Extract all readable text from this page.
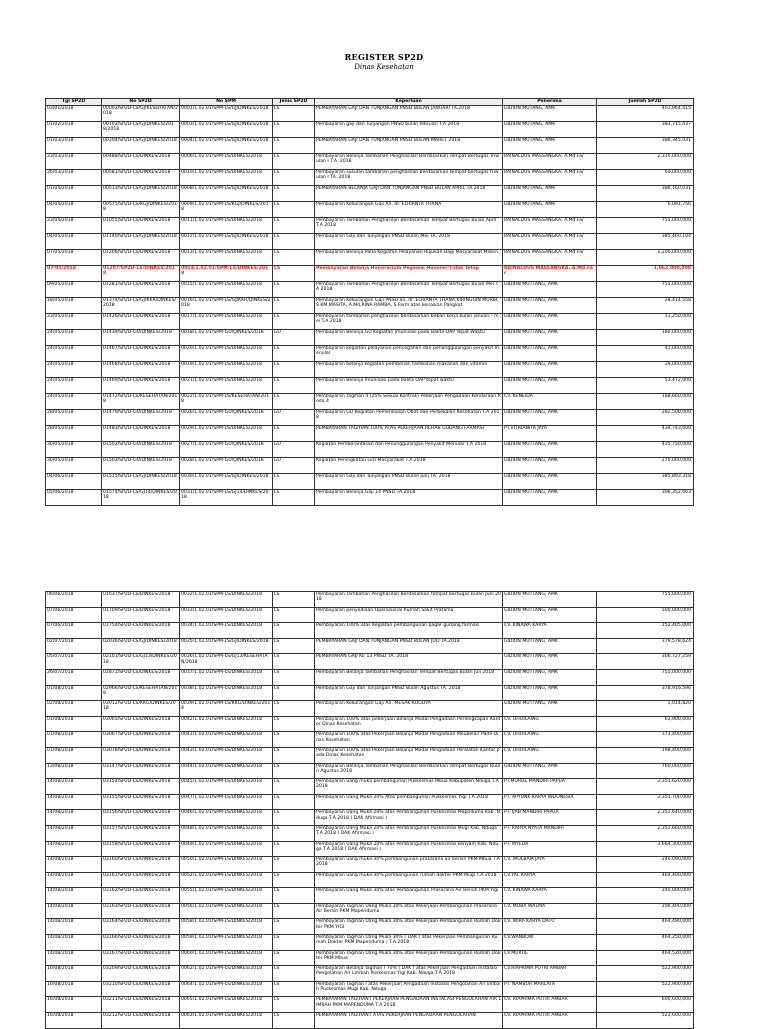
REGISTER SP2D
Dinas Kesehatan
Tgl SP2D	No SP2D	No SPM	Jenis SP2D	Keperluan	Penerima	Jumlah SP2D
03/01/2018	00002/SP2D-LS/GJ/KESEHATAN/2018	0001/1.02.01/SPM-LS/GJ/DINKES/2018	LS	PEMBAYARAN GAJI DAN TUNJANGAN PNSD BULAN JANUARI TA.2018	GIDION MUTANG, AMK	401,964,415
01/02/2018	00103/SP2D-LS/GJ/DINKES/2018/2018	0003/1.02.01/SPM-LS/GJ/DINKES/2018	LS	Pembayaran gaji dan Tunjangan PNSD bulan februari T.A 2018	GIDION MUTANG, AMK	383,715,437
01/03/2018	00204/SP2D-LS/GJ/DINKES/2018	0004/1.02.01/SPM-LS/GJ/DINKES/2018	LS	PEMBAYARAN GAJI DAN TUNJANGAN PNSD BULAN MARET 2018	GIDION MUTANG, AMK	386,345,031
23/03/2018	00488/SP2D-LS/DINKES/2018	0006/1.02.01/SPM-LS/DINKES/2018	LS	Pembayaran Belanja Tambahan Penghasilan Berdasarkan Tempat Bertugas Triwulan I T.A. 2018	RAINALDUS MASSANGKA, A.Md.Far	2,310,000,000
26/03/2018	00581/SP2D-LS/DINKES/2018	0010/1.02.01/SPM-LS/DINKES/2018	LS	Pembayaran susulan tambahan penghasilan berdasarkan tempat bertugas triwulan I TA. 2018	RAINALDUS MASSANGKA, A.Md.Far	60,000,000
01/04/2018	00513/SP2D-LS/GJ/DINKES/2018	0008/1.02.01/SPM-LS/GJ/DINKES/2018	LS	PEMBAYARAN BELANJA GAJI DAN TUNJANGAN PNSD BULAN APRIL TA.2018	GIDION MUTANG, AMK	386,160,031
04/04/2018	00575/SP2D-LS/KGJ/DINKES/2018	0009/1.02.01/SPM-LS/KGJ/DINKES/2018	LS	Pembayaran Kekurangan Gaji An. dr. ELRIANTA THANA	GIDION MUTANG, AMK	6,091,756
23/04/2018	01055/SP2D-LS/DINKES/2018	0011/1.02.01/SPM-LS/DINKES/2018	LS	Pembayaran Tambahan Penghasilan Berdasarkan Tempat Bertugas Bulan April T.A 2018	RAINALDUS MASSANGKA, A.Md.Far	755,000,000
04/05/2018	01140/SP2D-LS/GJ/DINKES/2018	0012/1.02.01/SPM-LS/GJ/DINKES/2018	LS	Pembayaran Gaji dan Tunjangan PNSD Bulan Mei TA. 2018	RAINALDUS MASSANGKA, A.Md.Far	385,460,104
07/05/2018	01206/SP2D-LS/DINKES/2018	0013/1.02.01/SPM-LS/DINKES/2018	LS	Pembayaran Belanja Pada Kegiatan Pelayanan Rujukan Bagi Masyarakat Miskin	RAINALDUS MASSANGKA, A.Md.Far	1,200,000,000
07/05/2018	01207/SP2D-LS/DINKES/2018	0014/1.02.01/SPM-LS/DINKES/2018	LS	Pembayaran Belanja Honorarium Pegawai Honorer/Tidak Tetap	RAINALDUS MASSANGKA, A.Md.Far	1,062,000,000
09/05/2018	01281/SP2D-LS/DINKES/2018	0015/1.02.01/SPM-LS/DINKES/2018	LS	Pembayaran Tambahan Penghasilan Berdasarkan Tempat Bertugas Bulan Mei T.A 2018	GIDION MUTTANG, AMK	755,000,000
18/05/2018	01374/SP2D-LS/GJ/KKR/DINKES/2018	0016/1.02.01/SPM-LS/GJ/KKR/DINKES/2018	LS	Pembayaran Kekurangan Gaji PNSD an. dr. ELRIANTA THANA,KIRINGGIN MURIB, S.KM,MASITA, A.Md,RINA RAMBA, S.Farm atas kenaikan Pangkat	GIDION MUTTANG, AMK	28,414,558
23/05/2018	01426/SP2D-LS/DINKES/2018	0017/1.02.01/SPM-LS/DINKES/2018	LS	Pembayaran tambahan penghasilan berdasarkan beban kerja bulan januari - mei T.A 2018	GIDION MUTTANG, AMK	11,250,000
24/05/2018	01439/SP2D-GU/DINKES/2018	0018/1.02.01/SPM-GU/DINKES/2018	GU	Pembayaran Belanja GU Kegiatan Imunisasi pada Balita OAP Tepat Waktu	GIDION MUTTANG, AMK	180,000,000
24/05/2018	01467/SP2D-LS/DINKES/2018	0020/1.02.01/SPM-LS/DINKES/2018	LS	Pembayaran kegiatan pelayanan pencegahan dan penanggulangan penyakit menular	GIDION MUTTANG, AMK	41,000,000
24/05/2018	01468/SP2D-LS/DINKES/2018	0019/1.02.01/SPM-LS/DINKES/2018	LS	Pembayaran belanja kegiatan pemberian tambahan makanan dan vitamin	GIDION MUTTANG, AMK	29,000,000
24/05/2018	01469/SP2D-LS/DINKES/2018	0021/1.02.01/SPM-LS/DINKES/2018	LS	Pembayaran Belanja Imunisasi pada balita OAP tepat waktu	GIDION MUTTANG, AMK	53,472,000
24/05/2018	01472/SP2D-LS/KESEHATAN/2018	0022/1.02.01/SPM-LS/KESEHATAN/2018	LS	Pembayaran Tagihan II (25% Sesuai Kontrak) Pekerjaan Pengadaan Kendaraan Roda 4	CV. KENEIDA	188,660,000
28/05/2018	01479/SP2D-GU/DINKES/2018	0026/1.02.01/SPM-GU/DINKES/2018	GU	Pembayaran GU Kegiatan Pemeriksaan Obat dan Perbekalan Kesehatan T.A 2018	GIDION MUTTANG, AMK	282,500,000
28/05/2018	01483/SP2D-LS/DINKES/2018	0029/1.02.01/SPM-LS/DINKES/2018	LS	PEMBAYARAN TAGIHAN 100% ATAS PEKERJAAN REHAB GUDANG FARMASI	PT.VITRIANITA JAYA	434,743,600
30/05/2018	01502/SP2D-GU/DINKES/2018	0027/1.02.01/SPM-GU/DINKES/2018	GU	Kegiatan Pemberantasan dan Penanggulangan Penyakit Menular T.A 2018	GIDION MUTTANG, AMK	435,750,000
30/05/2018	01503/SP2D-GU/DINKES/2018	0028/1.02.01/SPM-GU/DINKES/2018	GU	Kegiatan Peningkatan Gizi Masyarakat T.A 2018	GIDION MUTTANG, AMK	270,000,000
04/06/2018	01515/SP2D-LS/GJ/DINKES/2018	0030/1.02.01/SPM-LS/GJ/DINKES/2018	LS	Pembayaran Gaji dan Tunjangan PNSD Bulan Juni TA. 2018	GIDION MUTTANG, AMK	385,893,318
05/06/2018	01574/SP2D-LS/GJ14/DINKES/2018	0031/1.02.01/SPM-LS/GJ14/DINKES/2018	LS	Pembayaran Belanja Gaji 14 PNSD TA.2018	GIDION MUTTANG, AMK	306,352,663
06/06/2018	01637/SP2D-LS/DINKES/2018	0032/1.02.01/SPM-LS/DINKES/2018	LS	Pembayaran Tambahan Penghasilan Berdasarkan tempat bertugas bulan Juni 2018	GIDION MUTTANG, AMK	755,000,000
07/06/2018	01709/SP2D-LS/DINKES/2018	0033/1.02.01/SPM-LS/DINKES/2018	LS	Pembayaran penyediaan Operasional Rumah Sakit Pratama	GIDION MUTTANG, AMK	500,000,000
07/06/2018	01754/SP2D-LS/DINKES/2018	0034/1.02.01/SPM-LS/DINKES/2018	LS	Pembayaran 100% atas Kegiatan pembangunan pagar gudang farmasi	CV. KINAWA KARYA	152,405,000
02/07/2018	02036/SP2D-LS/GJ/DINKES/2018	0035/1.02.01/SPM-LS/GJ/DINKES/2018	LS	PEMBAYARAN GAJI DAN TUNJANGAN PNSD BULAN JULI TA.2018	GIDION MUTTANG, AMK	379,578,624
05/07/2018	02101/SP2D-LS/GJ13/DINKES/2018	0036/1.02.01/SPM-LS/GJ13/KESEHATAN/2018	LS	PEMBAYARAN GAJI KE 13 PNSD TA. 2018	GIDION MUTTANG, AMK	306,727,259
26/07/2018	02871/SP2D-LS/DINKES/2018	0037/1.02.01/SPM-LS/DINKES/2018	LS	Pembayaran Belanja Tambahan Penghasilan Tempat Bertugas Bulan Juli 2018	GIDION MUTTANG, AMK	755,000,000
01/08/2018	02966/SP2D-LS/KESEHATAN/2018	0038/1.02.01/SPM-LS/DINKES/2018	LS	Pembayaran Gaji dan Tunjangan PNSD Bulan Agustus TA. 2018	GIDION MUTTANG, AMK	378,916,596
02/08/2018	03012/SP2D-LS/KKG/DINKES/2018	0039/1.02.01/SPM-LS/KKG/DINKES/2018	LS	Pembayaran Kekurangan Gaji An. MESAK KOGOYA	GIDION MUTTANG, AMK	1,014,820
01/08/2018	03065/SP2D-LS/DINKES/2018	0042/1.02.01/SPM-LS/DINKES/2018	LS	Pembayaran 100% atas pekerjaan Belanja Modal Pengadaan Perlengkapan Kantor Dinas Kesehatan	CV. OHOILAING	63,900,000
01/08/2018	03067/SP2D-LS/DINKES/2018	0041/1.02.01/SPM-LS/DINKES/2018	LS	Pembayaran 100% atas Pekerjaan Belanja Modal Pengadaan Meubelair Pada Dinas Kesehatan	CV. OHOILAING	373,400,000
01/08/2018	03078/SP2D-LS/DINKES/2018	0043/1.02.01/SPM-LS/DINKES/2018	LS	Pembayaran 100% atas Pekerjaan Belanja Modal Pengadaan Peralatan Kantor pada Dinas Kesehatan	CV. OHOILAING	198,400,000
13/08/2018	03147/SP2D-LS/DINKES/2018	0044/1.02.01/SPM-LS/DINKES/2018	LS	Pembayaran Belanja Tambahan Penghasilan Berdasarkan Tempat Bertugas Bulan Agustus 2018	GIDION MUTTANG, AMK	760,000,000
14/08/2018	03154/SP2D-LS/DINKES/2018	0045/1.02.01/SPM-LS/DINKES/2018	LS	Pembayaran uang muka pembangunan Puskesmas Mbua Kabupaten Nduga T.A 2018	PT.MURUE MANDIRI PAPUA	2,351,620,000
14/08/2018	03155/SP2D-LS/DINKES/2018	0047/1.02.01/SPM-LS/DINKES/2018	LS	Pembayaran Uang Muka 20% Atas pembangunan Puskesmas Yigi T.A 2018	PT. APYUNK KARYA INDONESIA	2,351,700,000
14/08/2018	03156/SP2D-LS/DINKES/2018	0046/1.02.01/SPM-LS/DINKES/2018	LS	Pembayaran Uang Muka 20% atas Pembangunan Puskesmas Mapnduma Kab. Nduga T.A 2018 ( DAK Afirmasi )	PT. IJAB MANDIRI PAPUA	2,351,640,000
14/08/2018	03157/SP2D-LS/DINKES/2018	0048/1.02.01/SPM-LS/DINKES/2018	LS	Pembayaran Uang Muka 20% atas Pembangunan Puskesmas Mugi Kab. Nduga T.A 2018 ( DAK Afirmasi )	PT. KARYA NYATA MANDIRI	2,351,660,000
14/08/2018	03158/SP2D-LS/DINKES/2018	0049/1.02.01/SPM-LS/DINKES/2018	LS	Pembayaran Uang Muka 20% atas Pembangunan Puskesmas kenyam Kab. Nduga T.A 2018 ( DAK Afirmasi )	PT. MYEDA	3,664,300,000
14/08/2018	03160/SP2D-LS/DINKES/2018	0050/1.02.01/SPM-LS/DINKES/2018	LS	Pembayaran uang muka 30% pembangunan prasarana air bersih PKM Mbua T.A 2018	CV. WOLBAM JAYA	240,090,000
14/08/2018	03161/SP2D-LS/DINKES/2018	0052/1.02.01/SPM-LS/DINKES/2018	LS	Pembayaran uang muka 30% pembangunan rumah dokter PKM Mugi T.A 2018	CV.YAL KARYA	464,400,000
14/08/2018	03162/SP2D-LS/DINKES/2018	0055/1.02.01/SPM-LS/DINKES/2018	LS	Pembayaran Uang Muka 30% atas Pembangunan Prasarana Air Bersih PKM Yigi	CV. KINAWA KARYA	240,000,000
14/08/2018	03163/SP2D-LS/DINKES/2018	0056/1.02.01/SPM-LS/DINKES/2018	LS	Pembayaran Tagihan Uang Muka 30% atas Pekerjaan Pembangunan Prasarana Air Bersih PKM Mapenduma	CV. MOBA WALMA	209,400,000
14/08/2018	03164/SP2D-LS/DINKES/2018	0058/1.02.01/SPM-LS/DINKES/2018	LS	Pembayaran Tagihan Uang Muka 30% atas Pekerjaan Pembangunan Rumah Dokter PKM YIGI	CV. WIRA KARYA DATU	464,490,000
14/08/2018	03166/SP2D-LS/DINKES/2018	0059/1.02.01/SPM-LS/DINKES/2018	LS	Pembayaran Tagihan Uang Muka 30% ( DAK ) atas Pekerjaan Pembangunan Rumah Dokter PKM Mapenduma ) T.A 2018	CV.WANBOW	464,250,000
14/08/2018	03167/SP2D-LS/DINKES/2018	0060/1.02.01/SPM-LS/DINKES/2018	LS	Pembayaran Tagihan Uang Muka 30% atas Pekerjaan Pembangunan Rumah Dokter PKM Mbua	CV.MURUE	464,520,000
16/08/2018	03209/SP2D-LS/DINKES/2018	0062/1.02.01/SPM-LS/DINKES/2018	LS	Pembayaran Belanja Tagihan I 70% ( DAK ) atas Pekerjaan Pengadaan Instalasi Pengolahan Air Limbah Puskesmas Yigi Kab. Nduga T.A 2018	CV.RIAPRIMA PUTRI AMBAR	522,900,000
16/08/2018	03210/SP2D-LS/DINKES/2018	0064/1.02.01/SPM-LS/DINKES/2018	LS	Pembayaran Tagihan I atas Pekerjaan Pengadaan Instalasi Pengolahan Air limbah Puskesmas Mugi Kab. Nduga	PT. NAMBUR MARLATA	522,900,000
16/08/2018	03211/SP2D-LS/DINKES/2018	0065/1.02.01/SPM-LS/DINKES/2018	LS	PEMBAYARAN TAGIHAN I PEKERJAAN PENGADAAN INSTALASI PENGOLAHAN AIR LIMBAH PKM MAPENDUMA T.A 2018	CV. RIAPRIMA PUTRI AMBAR	600,600,000
16/08/2018	03212/SP2D-LS/DINKES/2018	0063/1.02.01/SPM-LS/DINKES/2018	LS	PEMBAYARAN TAGIHAN I ATAS PEKERJAAN PENGADAAN PENGOLAHAN	CV. RIAPRIMA PUTRI AMBAR	523,600,000
